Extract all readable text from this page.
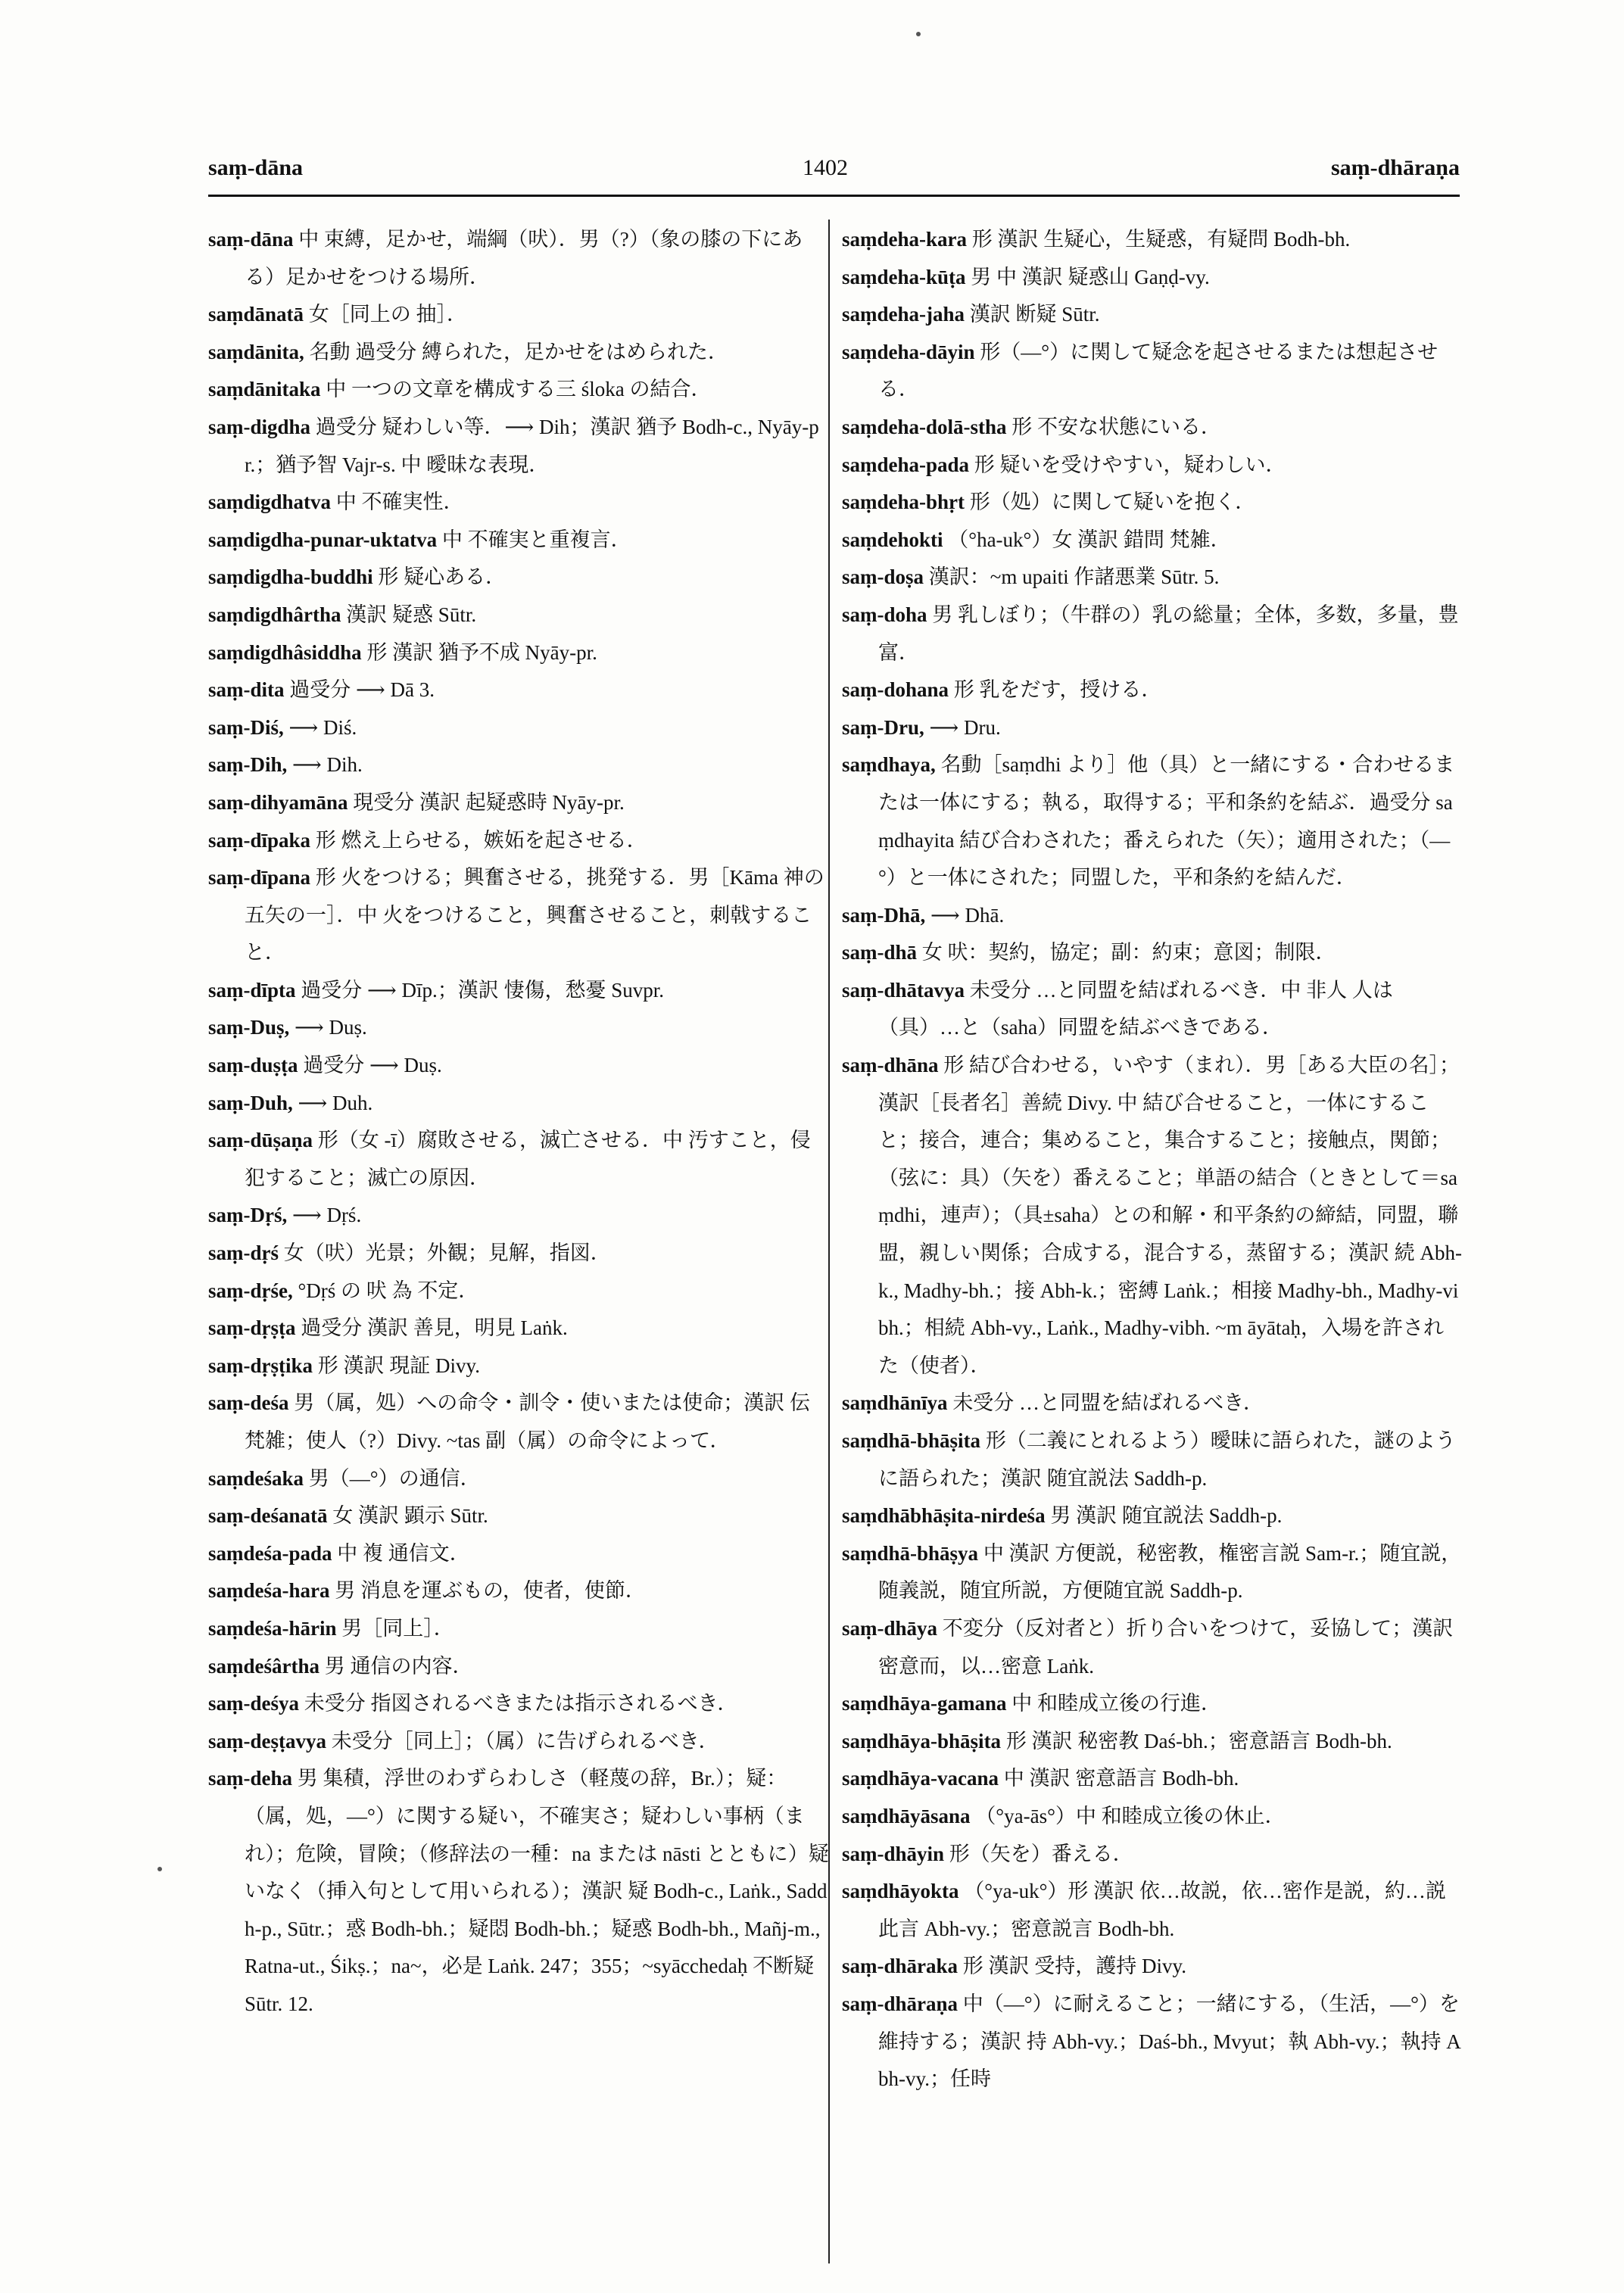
saṃ-dāna	1402	saṃ-dhāraṇa

saṃ-dāna 中 束縛，足かせ，端綱（吠）．男（?）（象の膝の下にある）足かせをつける場所．

saṃdānatā 女［同上の 抽］．

saṃdānita, 名動 過受分 縛られた，足かせをはめられた．

saṃdānitaka 中 一つの文章を構成する三 śloka の結合．

saṃ-digdha 過受分 疑わしい等．⟶ Dih；漢訳 猶予 Bodh-c., Nyāy-pr.；猶予智 Vajr-s. 中 曖昧な表現．

saṃdigdhatva 中 不確実性．

saṃdigdha-punar-uktatva 中 不確実と重複言．

saṃdigdha-buddhi 形 疑心ある．

saṃdigdhârtha 漢訳 疑惑 Sūtr.

saṃdigdhâsiddha 形 漢訳 猶予不成 Nyāy-pr.

saṃ-dita 過受分 ⟶ Dā 3.

saṃ-Diś, ⟶ Diś.

saṃ-Dih, ⟶ Dih.

saṃ-dihyamāna 現受分 漢訳 起疑惑時 Nyāy-pr.

saṃ-dīpaka 形 燃え上らせる，嫉妬を起させる．

saṃ-dīpana 形 火をつける；興奮させる，挑発する．男［Kāma 神の五矢の一］．中 火をつけること，興奮させること，刺戟すること．

saṃ-dīpta 過受分 ⟶ Dīp.；漢訳 悽傷，愁憂 Suvpr.

saṃ-Duṣ, ⟶ Duṣ.

saṃ-duṣṭa 過受分 ⟶ Duṣ.

saṃ-Duh, ⟶ Duh.

saṃ-dūṣaṇa 形（女 -ī）腐敗させる，滅亡させる．中 汚すこと，侵犯すること；滅亡の原因．

saṃ-Dṛś, ⟶ Dṛś.

saṃ-dṛś 女（吠）光景；外観；見解，指図．

saṃ-dṛśe, °Dṛś の 吠 為 不定．

saṃ-dṛṣṭa 過受分 漢訳 善見，明見 Laṅk.

saṃ-dṛṣṭika 形 漢訳 現証 Divy.

saṃ-deśa 男（属，処）への命令・訓令・使いまたは使命；漢訳 伝 梵雑；使人（?）Divy. ~tas 副（属）の命令によって．

saṃdeśaka 男（—°）の通信．

saṃ-deśanatā 女 漢訳 顕示 Sūtr.

saṃdeśa-pada 中 複 通信文．

saṃdeśa-hara 男 消息を運ぶもの，使者，使節．

saṃdeśa-hārin 男［同上］．

saṃdeśârtha 男 通信の内容．

saṃ-deśya 未受分 指図されるべきまたは指示されるべき．

saṃ-deṣṭavya 未受分［同上］；（属）に告げられるべき．

saṃ-deha 男 集積，浮世のわずらわしさ（軽蔑の辞，Br.）；疑：（属，処，—°）に関する疑い，不確実さ；疑わしい事柄（まれ）；危険，冒険；（修辞法の一種：na または nāsti とともに）疑いなく（挿入句として用いられる）；漢訳 疑 Bodh-c., Laṅk., Saddh-p., Sūtr.；惑 Bodh-bh.；疑悶 Bodh-bh.；疑惑 Bodh-bh., Mañj-m., Ratna-ut., Śikṣ.；na~，必是 Laṅk. 247；355；~syācchedaḥ 不断疑 Sūtr. 12.

saṃdeha-kara 形 漢訳 生疑心，生疑惑，有疑問 Bodh-bh.

saṃdeha-kūṭa 男 中 漢訳 疑惑山 Gaṇḍ-vy.

saṃdeha-jaha 漢訳 断疑 Sūtr.

saṃdeha-dāyin 形（—°）に関して疑念を起させるまたは想起させる．

saṃdeha-dolā-stha 形 不安な状態にいる．

saṃdeha-pada 形 疑いを受けやすい，疑わしい．

saṃdeha-bhṛt 形（処）に関して疑いを抱く．

saṃdehokti （°ha-uk°）女 漢訳 錯問 梵雑．

saṃ-doṣa 漢訳：~m upaiti 作諸悪業 Sūtr. 5.

saṃ-doha 男 乳しぼり；（牛群の）乳の総量；全体，多数，多量，豊富．

saṃ-dohana 形 乳をだす，授ける．

saṃ-Dru, ⟶ Dru.

saṃdhaya, 名動［saṃdhi より］他（具）と一緒にする・合わせるまたは一体にする；執る，取得する；平和条約を結ぶ．過受分 saṃdhayita 結び合わされた；番えられた（矢）；適用された；（—°）と一体にされた；同盟した，平和条約を結んだ．

saṃ-Dhā, ⟶ Dhā.

saṃ-dhā 女 吠：契約，協定；副：約束；意図；制限．

saṃ-dhātavya 未受分 …と同盟を結ばれるべき．中 非人 人は（具）…と（saha）同盟を結ぶべきである．

saṃ-dhāna 形 結び合わせる，いやす（まれ）．男［ある大臣の名］；漢訳［長者名］善続 Divy. 中 結び合せること，一体にすること；接合，連合；集めること，集合すること；接触点，関節；（弦に：具）（矢を）番えること；単語の結合（ときとして＝saṃdhi，連声）；（具±saha）との和解・和平条約の締結，同盟，聯盟，親しい関係；合成する，混合する，蒸留する；漢訳 続 Abh-k., Madhy-bh.；接 Abh-k.；密縛 Laṅk.；相接 Madhy-bh., Madhy-vibh.；相続 Abh-vy., Laṅk., Madhy-vibh. ~m āyātaḥ，入場を許された（使者）．

saṃdhānīya 未受分 …と同盟を結ばれるべき．

saṃdhā-bhāṣita 形（二義にとれるよう）曖昧に語られた，謎のように語られた；漢訳 随宜説法 Saddh-p.

saṃdhābhāṣita-nirdeśa 男 漢訳 随宜説法 Saddh-p.

saṃdhā-bhāṣya 中 漢訳 方便説，秘密教，権密言説 Sam-r.；随宜説，随義説，随宜所説，方便随宜説 Saddh-p.

saṃ-dhāya 不変分（反対者と）折り合いをつけて，妥協して；漢訳 密意而，以…密意 Laṅk.

saṃdhāya-gamana 中 和睦成立後の行進．

saṃdhāya-bhāṣita 形 漢訳 秘密教 Daś-bh.；密意語言 Bodh-bh.

saṃdhāya-vacana 中 漢訳 密意語言 Bodh-bh.

saṃdhāyāsana （°ya-ās°）中 和睦成立後の休止．

saṃ-dhāyin 形（矢を）番える．

saṃdhāyokta （°ya-uk°）形 漢訳 依…故説，依…密作是説，約…説此言 Abh-vy.；密意説言 Bodh-bh.

saṃ-dhāraka 形 漢訳 受持，護持 Divy.

saṃ-dhāraṇa 中（—°）に耐えること；一緒にする，（生活，—°）を維持する；漢訳 持 Abh-vy.；Daś-bh., Mvyut；執 Abh-vy.；執持 Abh-vy.；任時
